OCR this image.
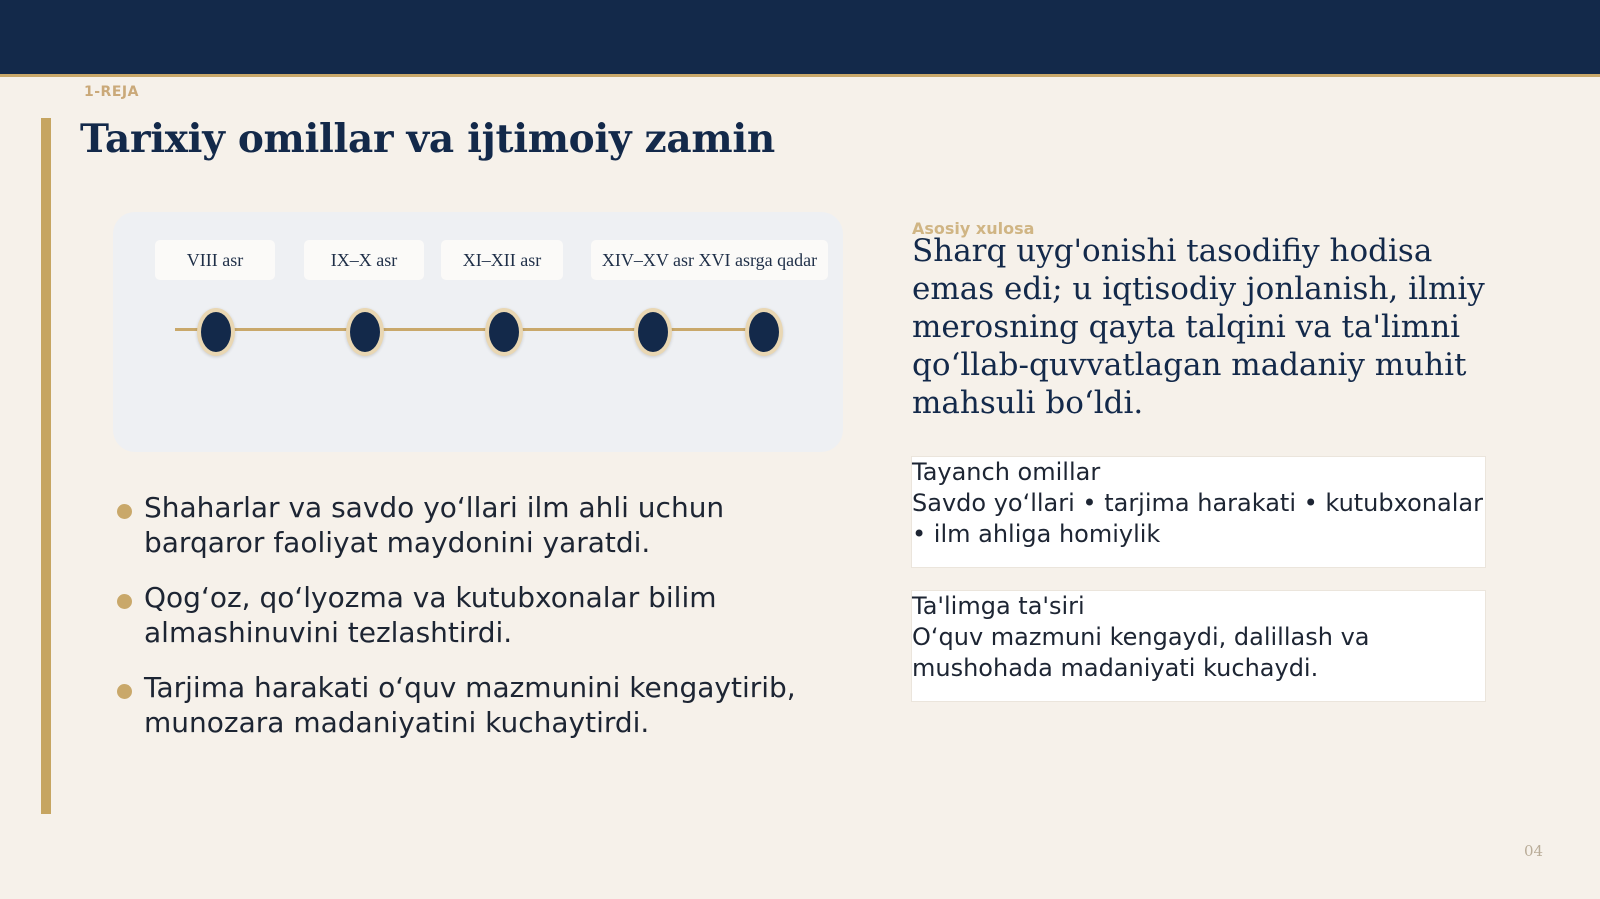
1-REJA
Tarixiy omillar va ijtimoiy zamin
VIII asr	IX–X asr	XI–XII asr	XIV–XV asr XVI asrga qadar
Shaharlar va savdo yo‘llari ilm ahli uchun barqaror faoliyat maydonini yaratdi.
Qog‘oz, qo‘lyozma va kutubxonalar bilim almashinuvini tezlashtirdi.
Tarjima harakati o‘quv mazmunini kengaytirib, munozara madaniyatini kuchaytirdi.
Asosiy xulosa
Sharq uyg'onishi tasodifiy hodisa emas edi; u iqtisodiy jonlanish, ilmiy merosning qayta talqini va ta'limni qo‘llab-quvvatlagan madaniy muhit mahsuli bo‘ldi.
Tayanch omillar
Savdo yo‘llari • tarjima harakati • kutubxonalar • ilm ahliga homiylik
Ta'limga ta'siri
O‘quv mazmuni kengaydi, dalillash va mushohada madaniyati kuchaydi.
04
